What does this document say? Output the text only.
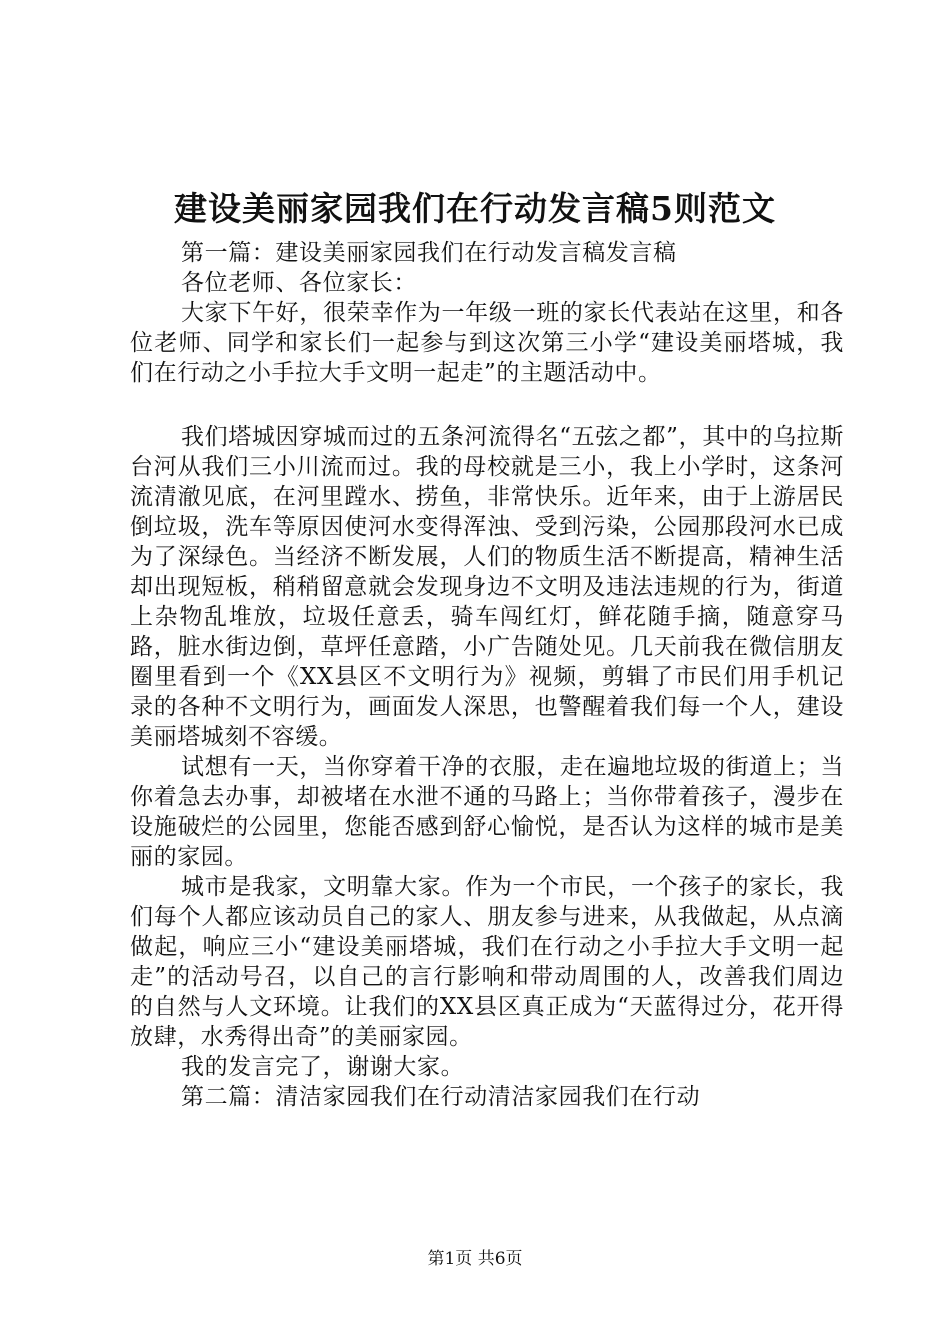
建设美丽家园我们在行动发言稿5则范文

第一篇：建设美丽家园我们在行动发言稿发言稿

各位老师、各位家长：

大家下午好，很荣幸作为一年级一班的家长代表站在这里，和各位老师、同学和家长们一起参与到这次第三小学“建设美丽塔城，我们在行动之小手拉大手文明一起走”的主题活动中。

我们塔城因穿城而过的五条河流得名“五弦之都”，其中的乌拉斯台河从我们三小川流而过。我的母校就是三小，我上小学时，这条河流清澈见底，在河里蹚水、捞鱼，非常快乐。近年来，由于上游居民倒垃圾，洗车等原因使河水变得浑浊、受到污染，公园那段河水已成为了深绿色。当经济不断发展，人们的物质生活不断提高，精神生活却出现短板，稍稍留意就会发现身边不文明及违法违规的行为，街道上杂物乱堆放，垃圾任意丢，骑车闯红灯，鲜花随手摘，随意穿马路，脏水街边倒，草坪任意踏，小广告随处见。几天前我在微信朋友圈里看到一个《XX县区不文明行为》视频，剪辑了市民们用手机记录的各种不文明行为，画面发人深思，也警醒着我们每一个人，建设美丽塔城刻不容缓。

试想有一天，当你穿着干净的衣服，走在遍地垃圾的街道上；当你着急去办事，却被堵在水泄不通的马路上；当你带着孩子，漫步在设施破烂的公园里，您能否感到舒心愉悦，是否认为这样的城市是美丽的家园。

城市是我家，文明靠大家。作为一个市民，一个孩子的家长，我们每个人都应该动员自己的家人、朋友参与进来，从我做起，从点滴做起，响应三小“建设美丽塔城，我们在行动之小手拉大手文明一起走”的活动号召，以自己的言行影响和带动周围的人，改善我们周边的自然与人文环境。让我们的XX县区真正成为“天蓝得过分，花开得放肆，水秀得出奇”的美丽家园。

我的发言完了，谢谢大家。

第二篇：清洁家园我们在行动清洁家园我们在行动

第1页 共6页
